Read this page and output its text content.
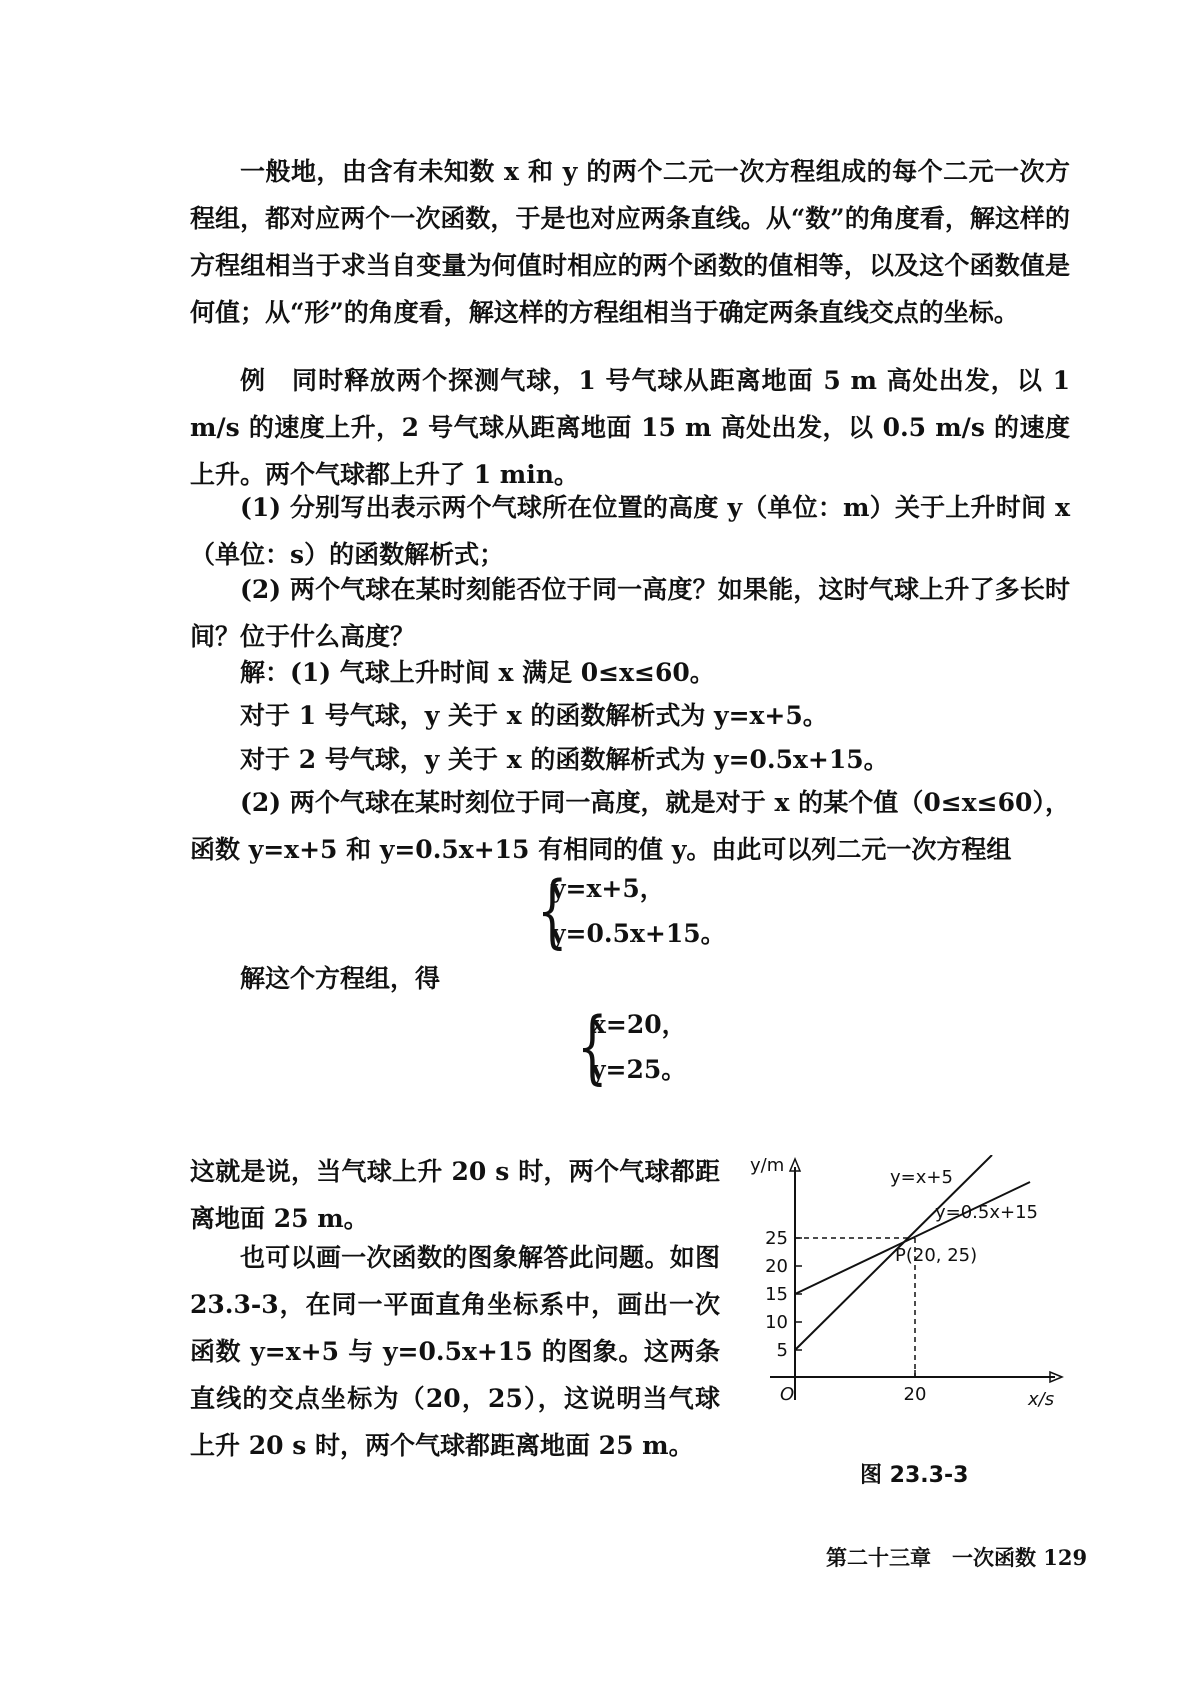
一般地，由含有未知数 x 和 y 的两个二元一次方程组成的每个二元一次方程组，都对应两个一次函数，于是也对应两条直线。从“数”的角度看，解这样的方程组相当于求当自变量为何值时相应的两个函数的值相等，以及这个函数值是何值；从“形”的角度看，解这样的方程组相当于确定两条直线交点的坐标。

例　同时释放两个探测气球，1 号气球从距离地面 5 m 高处出发，以 1 m/s 的速度上升，2 号气球从距离地面 15 m 高处出发，以 0.5 m/s 的速度上升。两个气球都上升了 1 min。

(1) 分别写出表示两个气球所在位置的高度 y（单位：m）关于上升时间 x（单位：s）的函数解析式；

(2) 两个气球在某时刻能否位于同一高度？如果能，这时气球上升了多长时间？位于什么高度？

解：(1) 气球上升时间 x 满足 0≤x≤60。

对于 1 号气球，y 关于 x 的函数解析式为 y=x+5。

对于 2 号气球，y 关于 x 的函数解析式为 y=0.5x+15。

(2) 两个气球在某时刻位于同一高度，就是对于 x 的某个值（0≤x≤60），函数 y=x+5 和 y=0.5x+15 有相同的值 y。由此可以列二元一次方程组

{
y=x+5，
y=0.5x+15。

解这个方程组，得

{
x=20，
y=25。

这就是说，当气球上升 20 s 时，两个气球都距离地面 25 m。

也可以画一次函数的图象解答此问题。如图 23.3-3，在同一平面直角坐标系中，画出一次函数 y=x+5 与 y=0.5x+15 的图象。这两条直线的交点坐标为（20，25），这说明当气球上升 20 s 时，两个气球都距离地面 25 m。

5
10
15
20
25
20
y=x+5
y=0.5x+15
P(20, 25)
y/m
O	x/s
图 23.3-3
第二十三章　一次函数 129
